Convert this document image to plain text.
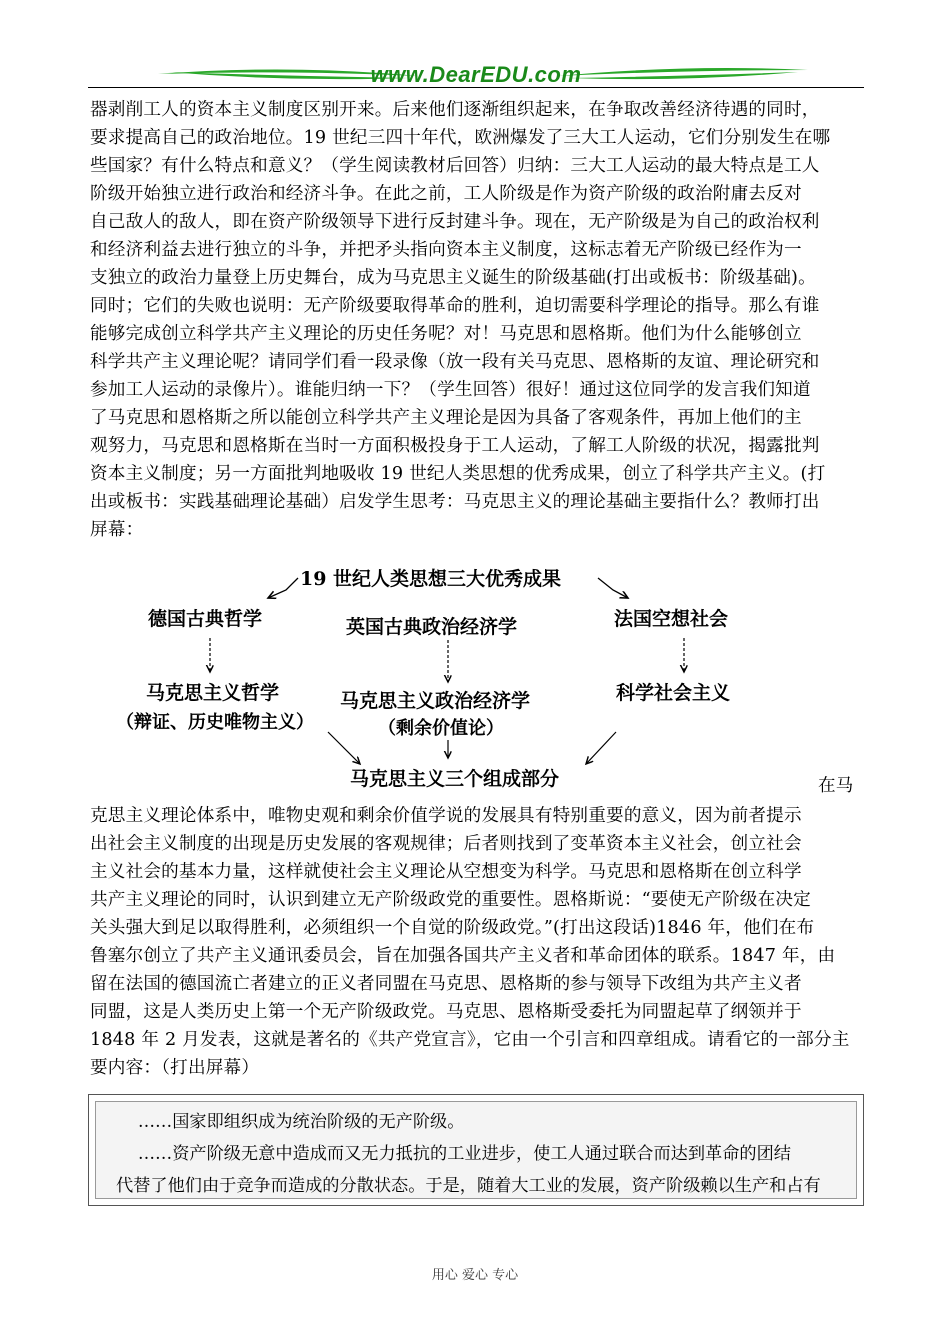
www.DearEDU.com
器剥削工人的资本主义制度区别开来。后来他们逐渐组织起来，在争取改善经济待遇的同时，
要求提高自己的政治地位。19 世纪三四十年代，欧洲爆发了三大工人运动，它们分别发生在哪
些国家？有什么特点和意义？（学生阅读教材后回答）归纳：三大工人运动的最大特点是工人
阶级开始独立进行政治和经济斗争。在此之前，工人阶级是作为资产阶级的政治附庸去反对
自己敌人的敌人，即在资产阶级领导下进行反封建斗争。现在，无产阶级是为自己的政治权利
和经济利益去进行独立的斗争，并把矛头指向资本主义制度，这标志着无产阶级已经作为一
支独立的政治力量登上历史舞台，成为马克思主义诞生的阶级基础(打出或板书：阶级基础)。
同时；它们的失败也说明：无产阶级要取得革命的胜利，迫切需要科学理论的指导。那么有谁
能够完成创立科学共产主义理论的历史任务呢？对！马克思和恩格斯。他们为什么能够创立
科学共产主义理论呢？请同学们看一段录像（放一段有关马克思、恩格斯的友谊、理论研究和
参加工人运动的录像片）。谁能归纳一下？（学生回答）很好！通过这位同学的发言我们知道
了马克思和恩格斯之所以能创立科学共产主义理论是因为具备了客观条件，再加上他们的主
观努力，马克思和恩格斯在当时一方面积极投身于工人运动，了解工人阶级的状况，揭露批判
资本主义制度；另一方面批判地吸收 19 世纪人类思想的优秀成果，创立了科学共产主义。(打
出或板书：实践基础理论基础）启发学生思考：马克思主义的理论基础主要指什么？教师打出
屏幕：
19 世纪人类思想三大优秀成果
德国古典哲学	英国古典政治经济学	法国空想社会
马克思主义哲学
（辩证、历史唯物主义）
马克思主义政治经济学
（剩余价值论）
科学社会主义
马克思主义三个组成部分	在马
克思主义理论体系中，唯物史观和剩余价值学说的发展具有特别重要的意义，因为前者提示
出社会主义制度的出现是历史发展的客观规律；后者则找到了变革资本主义社会，创立社会
主义社会的基本力量，这样就使社会主义理论从空想变为科学。马克思和恩格斯在创立科学
共产主义理论的同时，认识到建立无产阶级政党的重要性。恩格斯说：“要使无产阶级在决定
关头强大到足以取得胜利，必须组织一个自觉的阶级政党。”(打出这段话)1846 年，他们在布
鲁塞尔创立了共产主义通讯委员会，旨在加强各国共产主义者和革命团体的联系。1847 年，由
留在法国的德国流亡者建立的正义者同盟在马克思、恩格斯的参与领导下改组为共产主义者
同盟，这是人类历史上第一个无产阶级政党。马克思、恩格斯受委托为同盟起草了纲领并于
1848 年 2 月发表，这就是著名的《共产党宣言》，它由一个引言和四章组成。请看它的一部分主
要内容：（打出屏幕）
……国家即组织成为统治阶级的无产阶级。
……资产阶级无意中造成而又无力抵抗的工业进步，使工人通过联合而达到革命的团结
代替了他们由于竞争而造成的分散状态。于是，随着大工业的发展，资产阶级赖以生产和占有
用心 爱心 专心
